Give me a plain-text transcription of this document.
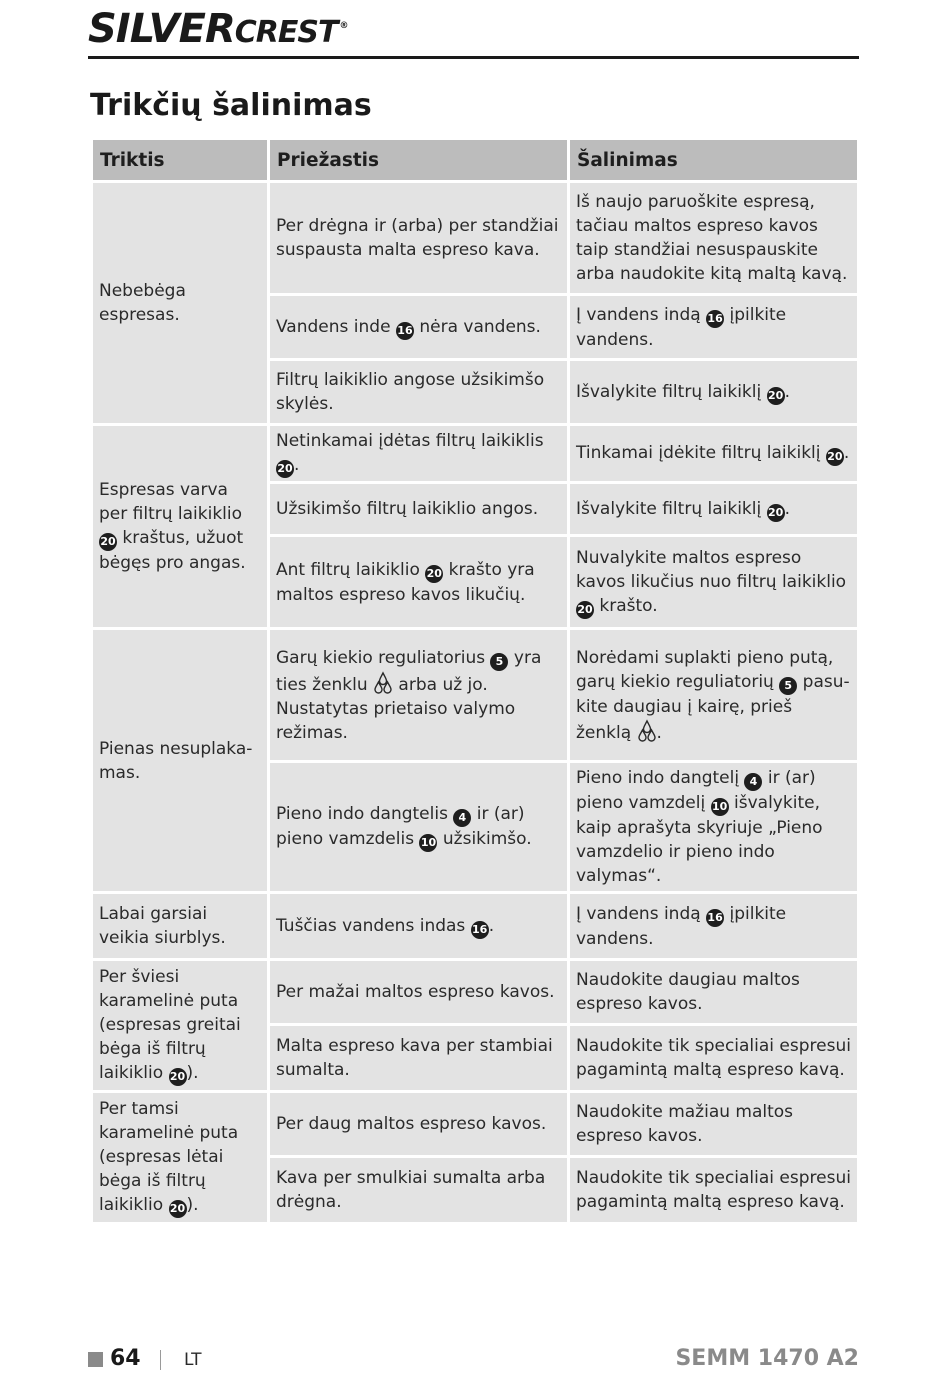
SILVERCREST ®
Trikčių šalinimas
Triktis	Priežastis	Šalinimas
Nebebėga espresas.	Per drėgna ir (arba) per standžiai suspausta malta espreso kava.	Iš naujo paruoškite espresą, tačiau maltos espreso kavos taip standžiai nesuspauskite arba naudokite kitą maltą kavą.
	Vandens inde 16 nėra vandens.	Į vandens indą 16 įpilkite vandens.
	Filtrų laikiklio angose užsikimšo skylės.	Išvalykite filtrų laikiklį 20.
Espresas varva per filtrų laikiklio 20 kraštus, užuot bėgęs pro angas.	Netinkamai įdėtas filtrų laikiklis 20.	Tinkamai įdėkite filtrų laikiklį 20.
	Užsikimšo filtrų laikiklio angos.	Išvalykite filtrų laikiklį 20.
	Ant filtrų laikiklio 20 krašto yra maltos espreso kavos likučių.	Nuvalykite maltos espreso kavos likučius nuo filtrų laikiklio 20 krašto.
Pienas nesuplakamas.	Garų kiekio reguliatorius 5 yra ties ženklu  arba už jo. Nustatytas prietaiso valymo režimas.	Norėdami suplakti pieno putą, garų kiekio reguliatorių 5 pasukite daugiau į kairę, prieš ženklą .
	Pieno indo dangtelis 4 ir (ar) pieno vamzdelis 10 užsikimšo.	Pieno indo dangtelį 4 ir (ar) pieno vamzdelį 10 išvalykite, kaip aprašyta skyriuje „Pieno vamzdelio ir pieno indo valymas“.
Labai garsiai veikia siurblys.	Tuščias vandens indas 16.	Į vandens indą 16 įpilkite vandens.
Per šviesi karamelinė puta (espresas greitai bėga iš filtrų laikiklio 20).	Per mažai maltos espreso kavos.	Naudokite daugiau maltos espreso kavos.
	Malta espreso kava per stambiai sumalta.	Naudokite tik specialiai espresui pagamintą maltą espreso kavą.
Per tamsi karamelinė puta (espresas lėtai bėga iš filtrų laikiklio 20).	Per daug maltos espreso kavos.	Naudokite mažiau maltos espreso kavos.
	Kava per smulkiai sumalta arba drėgna.	Naudokite tik specialiai espresui pagamintą maltą espreso kavą.
64	LT	SEMM 1470 A2
